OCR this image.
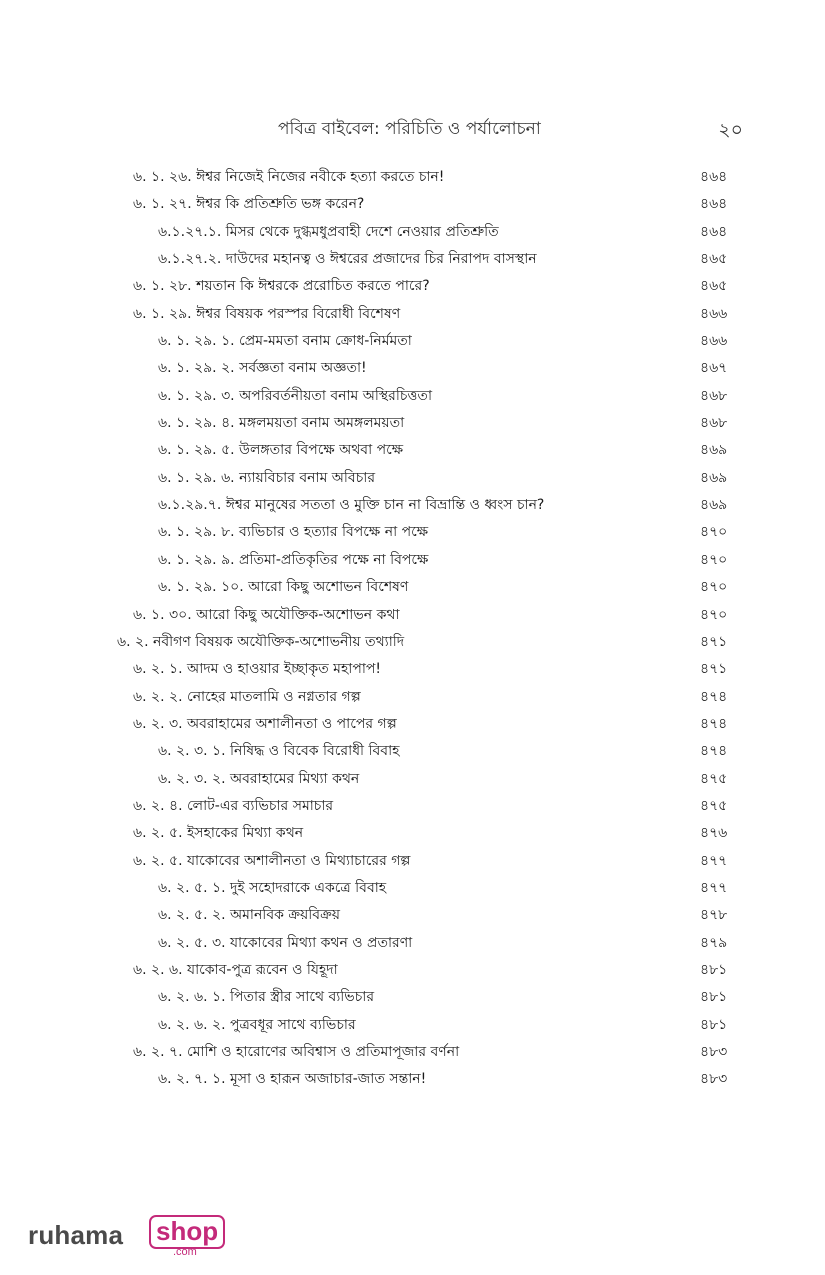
পবিত্র বাইবেল: পরিচিতি ও পর্যালোচনা	২০
৬. ১. ২৬. ঈশ্বর নিজেই নিজের নবীকে হত্যা করতে চান!	৪৬৪
৬. ১. ২৭. ঈশ্বর কি প্রতিশ্রুতি ভঙ্গ করেন?	৪৬৪
৬.১.২৭.১. মিসর থেকে দুগ্ধমধুপ্রবাহী দেশে নেওয়ার প্রতিশ্রুতি	৪৬৪
৬.১.২৭.২. দাউদের মহানত্ব ও ঈশ্বরের প্রজাদের চির নিরাপদ বাসস্থান	৪৬৫
৬. ১. ২৮. শয়তান কি ঈশ্বরকে প্ররোচিত করতে পারে?	৪৬৫
৬. ১. ২৯. ঈশ্বর বিষয়ক পরস্পর বিরোধী বিশেষণ	৪৬৬
৬. ১. ২৯. ১. প্রেম-মমতা বনাম ক্রোধ-নির্মমতা	৪৬৬
৬. ১. ২৯. ২. সর্বজ্ঞতা বনাম অজ্ঞতা!	৪৬৭
৬. ১. ২৯. ৩. অপরিবর্তনীয়তা বনাম অস্থিরচিত্ততা	৪৬৮
৬. ১. ২৯. ৪. মঙ্গলময়তা বনাম অমঙ্গলময়তা	৪৬৮
৬. ১. ২৯. ৫. উলঙ্গতার বিপক্ষে অথবা পক্ষে	৪৬৯
৬. ১. ২৯. ৬. ন্যায়বিচার বনাম অবিচার	৪৬৯
৬.১.২৯.৭. ঈশ্বর মানুষের সততা ও মুক্তি চান না বিভ্রান্তি ও ধ্বংস চান?	৪৬৯
৬. ১. ২৯. ৮. ব্যভিচার ও হত্যার বিপক্ষে না পক্ষে	৪৭০
৬. ১. ২৯. ৯. প্রতিমা-প্রতিকৃতির পক্ষে না বিপক্ষে	৪৭০
৬. ১. ২৯. ১০. আরো কিছু অশোভন বিশেষণ	৪৭০
৬. ১. ৩০. আরো কিছু অযৌক্তিক-অশোভন কথা	৪৭০
৬. ২. নবীগণ বিষয়ক অযৌক্তিক-অশোভনীয় তথ্যাদি	৪৭১
৬. ২. ১. আদম ও হাওয়ার ইচ্ছাকৃত মহাপাপ!	৪৭১
৬. ২. ২. নোহের মাতলামি ও নগ্নতার গল্প	৪৭৪
৬. ২. ৩. অবরাহামের অশালীনতা ও পাপের গল্প	৪৭৪
৬. ২. ৩. ১. নিষিদ্ধ ও বিবেক বিরোধী বিবাহ	৪৭৪
৬. ২. ৩. ২. অবরাহামের মিথ্যা কথন	৪৭৫
৬. ২. ৪. লোট-এর ব্যভিচার সমাচার	৪৭৫
৬. ২. ৫. ইসহাকের মিথ্যা কথন	৪৭৬
৬. ২. ৫. যাকোবের অশালীনতা ও মিথ্যাচারের গল্প	৪৭৭
৬. ২. ৫. ১. দুই সহোদরাকে একত্রে বিবাহ	৪৭৭
৬. ২. ৫. ২. অমানবিক ক্রয়বিক্রয়	৪৭৮
৬. ২. ৫. ৩. যাকোবের মিথ্যা কথন ও প্রতারণা	৪৭৯
৬. ২. ৬. যাকোব-পুত্র রূবেন ও যিহূদা	৪৮১
৬. ২. ৬. ১. পিতার স্ত্রীর সাথে ব্যভিচার	৪৮১
৬. ২. ৬. ২. পুত্রবধূর সাথে ব্যভিচার	৪৮১
৬. ২. ৭. মোশি ও হারোণের অবিশ্বাস ও প্রতিমাপূজার বর্ণনা	৪৮৩
৬. ২. ৭. ১. মূসা ও হারূন অজাচার-জাত সন্তান!	৪৮৩
ruhama shop
.com
